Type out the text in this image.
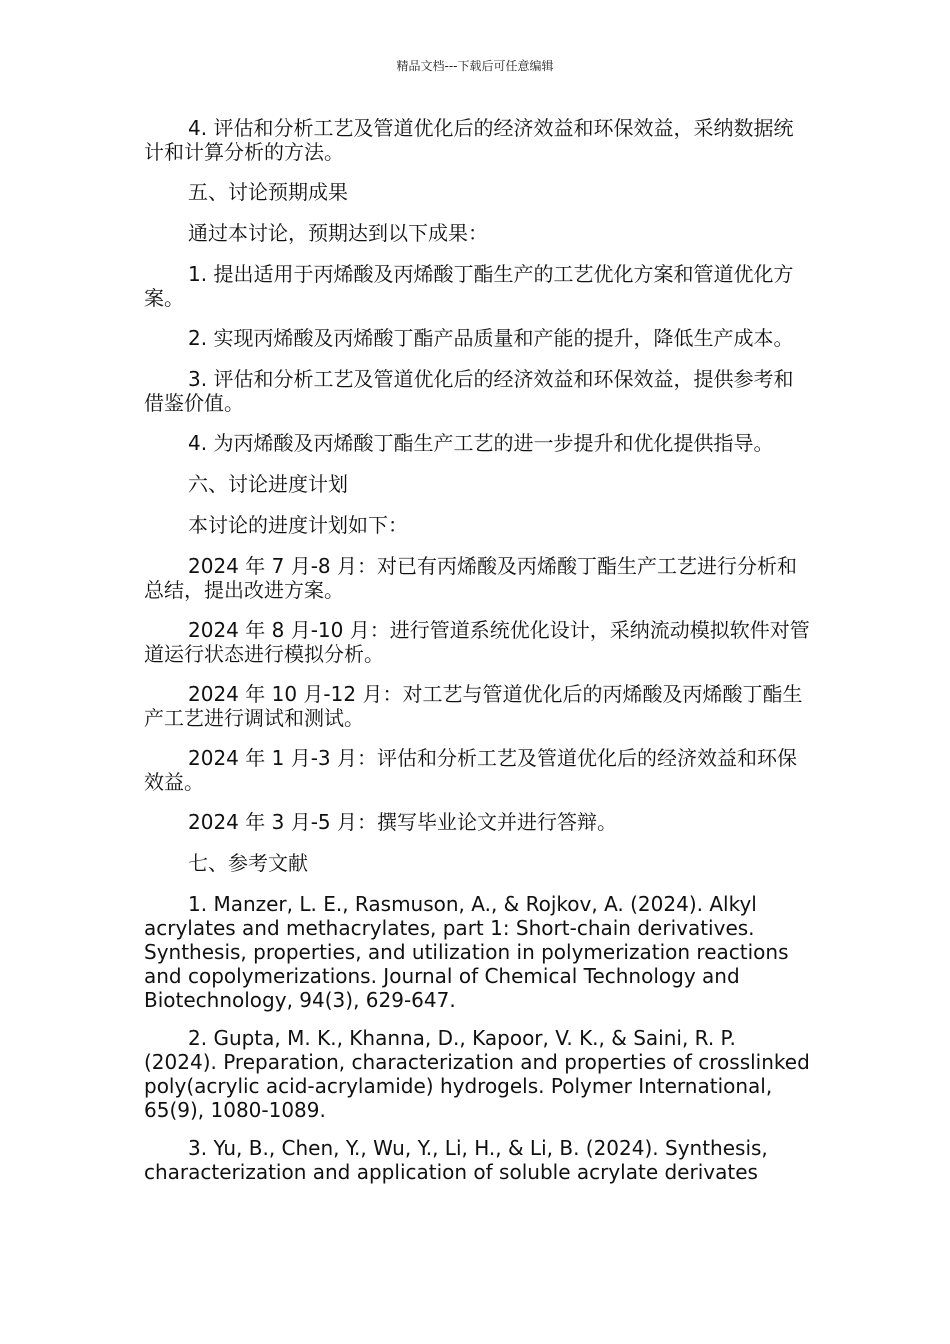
精品文档---下载后可任意编辑

4. 评估和分析工艺及管道优化后的经济效益和环保效益，采纳数据统计和计算分析的方法。

五、讨论预期成果

通过本讨论，预期达到以下成果：

1. 提出适用于丙烯酸及丙烯酸丁酯生产的工艺优化方案和管道优化方案。

2. 实现丙烯酸及丙烯酸丁酯产品质量和产能的提升，降低生产成本。

3. 评估和分析工艺及管道优化后的经济效益和环保效益，提供参考和借鉴价值。

4. 为丙烯酸及丙烯酸丁酯生产工艺的进一步提升和优化提供指导。

六、讨论进度计划

本讨论的进度计划如下：

2024 年 7 月-8 月：对已有丙烯酸及丙烯酸丁酯生产工艺进行分析和总结，提出改进方案。

2024 年 8 月-10 月：进行管道系统优化设计，采纳流动模拟软件对管道运行状态进行模拟分析。

2024 年 10 月-12 月：对工艺与管道优化后的丙烯酸及丙烯酸丁酯生产工艺进行调试和测试。

2024 年 1 月-3 月：评估和分析工艺及管道优化后的经济效益和环保效益。

2024 年 3 月-5 月：撰写毕业论文并进行答辩。

七、参考文献

1. Manzer, L. E., Rasmuson, A., & Rojkov, A. (2024). Alkyl acrylates and methacrylates, part 1: Short-chain derivatives. Synthesis, properties, and utilization in polymerization reactions and copolymerizations. Journal of Chemical Technology and Biotechnology, 94(3), 629-647.

2. Gupta, M. K., Khanna, D., Kapoor, V. K., & Saini, R. P. (2024). Preparation, characterization and properties of crosslinked poly(acrylic acid-acrylamide) hydrogels. Polymer International, 65(9), 1080-1089.

3. Yu, B., Chen, Y., Wu, Y., Li, H., & Li, B. (2024). Synthesis, characterization and application of soluble acrylate derivates
